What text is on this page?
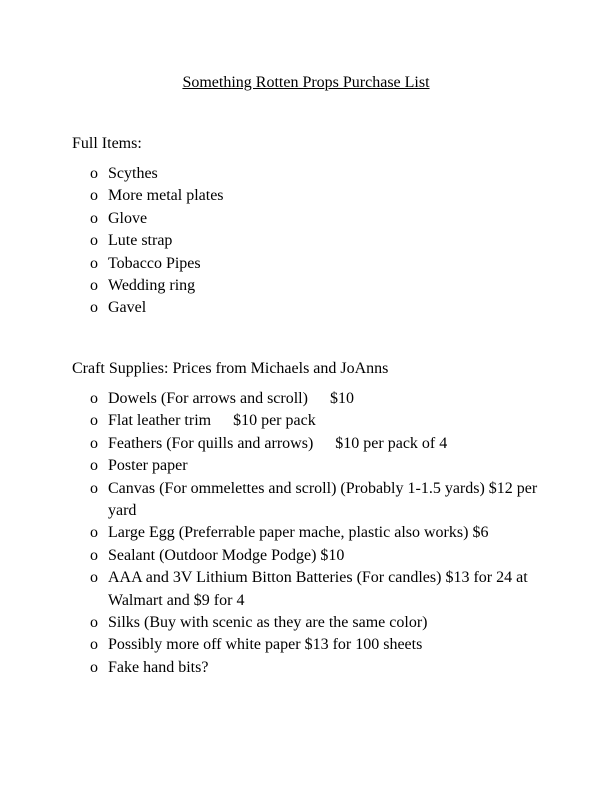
Something Rotten Props Purchase List

Full Items:

o Scythes
o More metal plates
o Glove
o Lute strap
o Tobacco Pipes
o Wedding ring
o Gavel

Craft Supplies: Prices from Michaels and JoAnns

o Dowels (For arrows and scroll) $10
o Flat leather trim $10 per pack
o Feathers (For quills and arrows) $10 per pack of 4
o Poster paper
o Canvas (For ommelettes and scroll) (Probably 1-1.5 yards) $12 per yard
o Large Egg (Preferrable paper mache, plastic also works) $6
o Sealant (Outdoor Modge Podge) $10
o AAA and 3V Lithium Bitton Batteries (For candles) $13 for 24 at Walmart and $9 for 4
o Silks (Buy with scenic as they are the same color)
o Possibly more off white paper $13 for 100 sheets
o Fake hand bits?
